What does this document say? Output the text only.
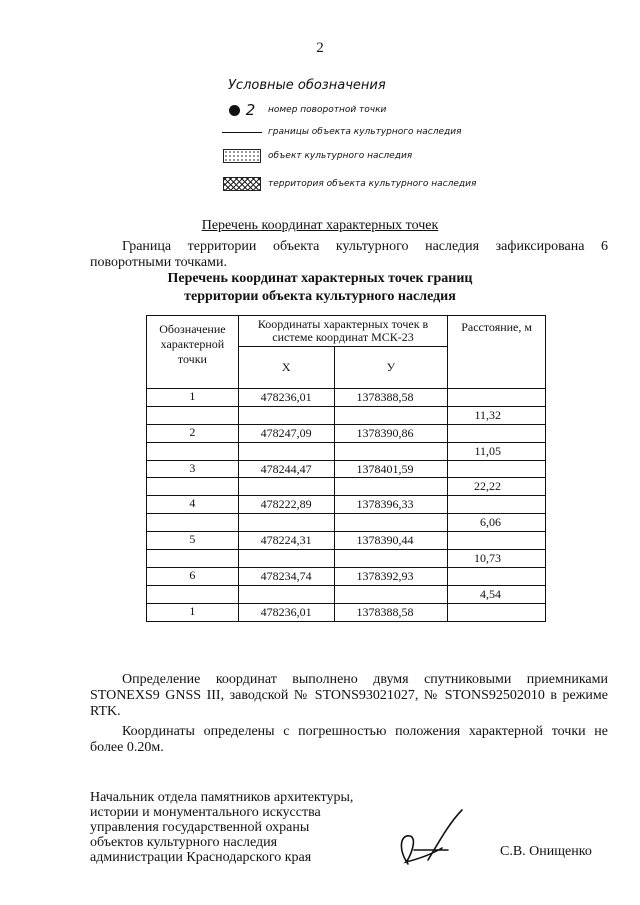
2
Условные обозначения
2 номер поворотной точки
границы объекта культурного наследия
объект культурного наследия
территория объекта культурного наследия
Перечень координат характерных точек
Граница территории объекта культурного наследия зафиксирована 6 поворотными точками.
Перечень координат характерных точек границ
территории объекта культурного наследия
Обозначение характерной точки	Координаты характерных точек в системе координат МСК-23		Расстояние, м
	X	У	
1	478236,01	1378388,58	
			11,32
2	478247,09	1378390,86	
			11,05
3	478244,47	1378401,59	
			22,22
4	478222,89	1378396,33	
			6,06
5	478224,31	1378390,44	
			10,73
6	478234,74	1378392,93	
			4,54
1	478236,01	1378388,58	
Определение координат выполнено двумя спутниковыми приемниками STONEXS9 GNSS III, заводской № STONS93021027, № STONS92502010 в режиме RTK.
Координаты определены с погрешностью положения характерной точки не более 0.20м.
Начальник отдела памятников архитектуры,
истории и монументального искусства
управления государственной охраны
объектов культурного наследия
администрации Краснодарского края	С.В. Онищенко
